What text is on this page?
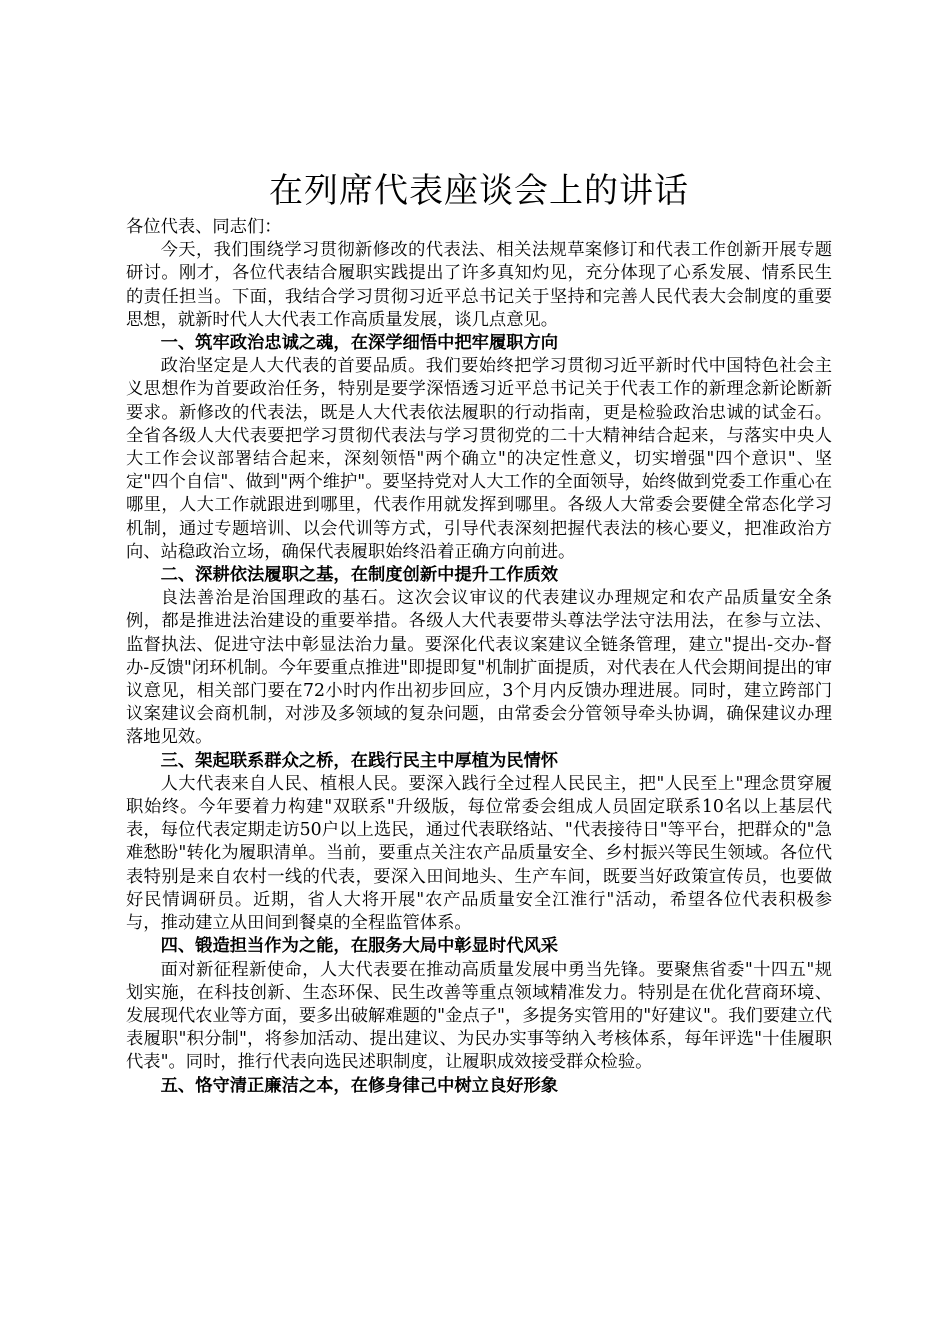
在列席代表座谈会上的讲话

各位代表、同志们：

今天，我们围绕学习贯彻新修改的代表法、相关法规草案修订和代表工作创新开展专题研讨。刚才，各位代表结合履职实践提出了许多真知灼见，充分体现了心系发展、情系民生的责任担当。下面，我结合学习贯彻习近平总书记关于坚持和完善人民代表大会制度的重要思想，就新时代人大代表工作高质量发展，谈几点意见。

一、筑牢政治忠诚之魂，在深学细悟中把牢履职方向

政治坚定是人大代表的首要品质。我们要始终把学习贯彻习近平新时代中国特色社会主义思想作为首要政治任务，特别是要学深悟透习近平总书记关于代表工作的新理念新论断新要求。新修改的代表法，既是人大代表依法履职的行动指南，更是检验政治忠诚的试金石。全省各级人大代表要把学习贯彻代表法与学习贯彻党的二十大精神结合起来，与落实中央人大工作会议部署结合起来，深刻领悟"两个确立"的决定性意义，切实增强"四个意识"、坚定"四个自信"、做到"两个维护"。要坚持党对人大工作的全面领导，始终做到党委工作重心在哪里，人大工作就跟进到哪里，代表作用就发挥到哪里。各级人大常委会要健全常态化学习机制，通过专题培训、以会代训等方式，引导代表深刻把握代表法的核心要义，把准政治方向、站稳政治立场，确保代表履职始终沿着正确方向前进。

二、深耕依法履职之基，在制度创新中提升工作质效

良法善治是治国理政的基石。这次会议审议的代表建议办理规定和农产品质量安全条例，都是推进法治建设的重要举措。各级人大代表要带头尊法学法守法用法，在参与立法、监督执法、促进守法中彰显法治力量。要深化代表议案建议全链条管理，建立"提出-交办-督办-反馈"闭环机制。今年要重点推进"即提即复"机制扩面提质，对代表在人代会期间提出的审议意见，相关部门要在72小时内作出初步回应，3个月内反馈办理进展。同时，建立跨部门议案建议会商机制，对涉及多领域的复杂问题，由常委会分管领导牵头协调，确保建议办理落地见效。

三、架起联系群众之桥，在践行民主中厚植为民情怀

人大代表来自人民、植根人民。要深入践行全过程人民民主，把"人民至上"理念贯穿履职始终。今年要着力构建"双联系"升级版，每位常委会组成人员固定联系10名以上基层代表，每位代表定期走访50户以上选民，通过代表联络站、"代表接待日"等平台，把群众的"急难愁盼"转化为履职清单。当前，要重点关注农产品质量安全、乡村振兴等民生领域。各位代表特别是来自农村一线的代表，要深入田间地头、生产车间，既要当好政策宣传员，也要做好民情调研员。近期，省人大将开展"农产品质量安全江淮行"活动，希望各位代表积极参与，推动建立从田间到餐桌的全程监管体系。

四、锻造担当作为之能，在服务大局中彰显时代风采

面对新征程新使命，人大代表要在推动高质量发展中勇当先锋。要聚焦省委"十四五"规划实施，在科技创新、生态环保、民生改善等重点领域精准发力。特别是在优化营商环境、发展现代农业等方面，要多出破解难题的"金点子"，多提务实管用的"好建议"。我们要建立代表履职"积分制"，将参加活动、提出建议、为民办实事等纳入考核体系，每年评选"十佳履职代表"。同时，推行代表向选民述职制度，让履职成效接受群众检验。

五、恪守清正廉洁之本，在修身律己中树立良好形象
